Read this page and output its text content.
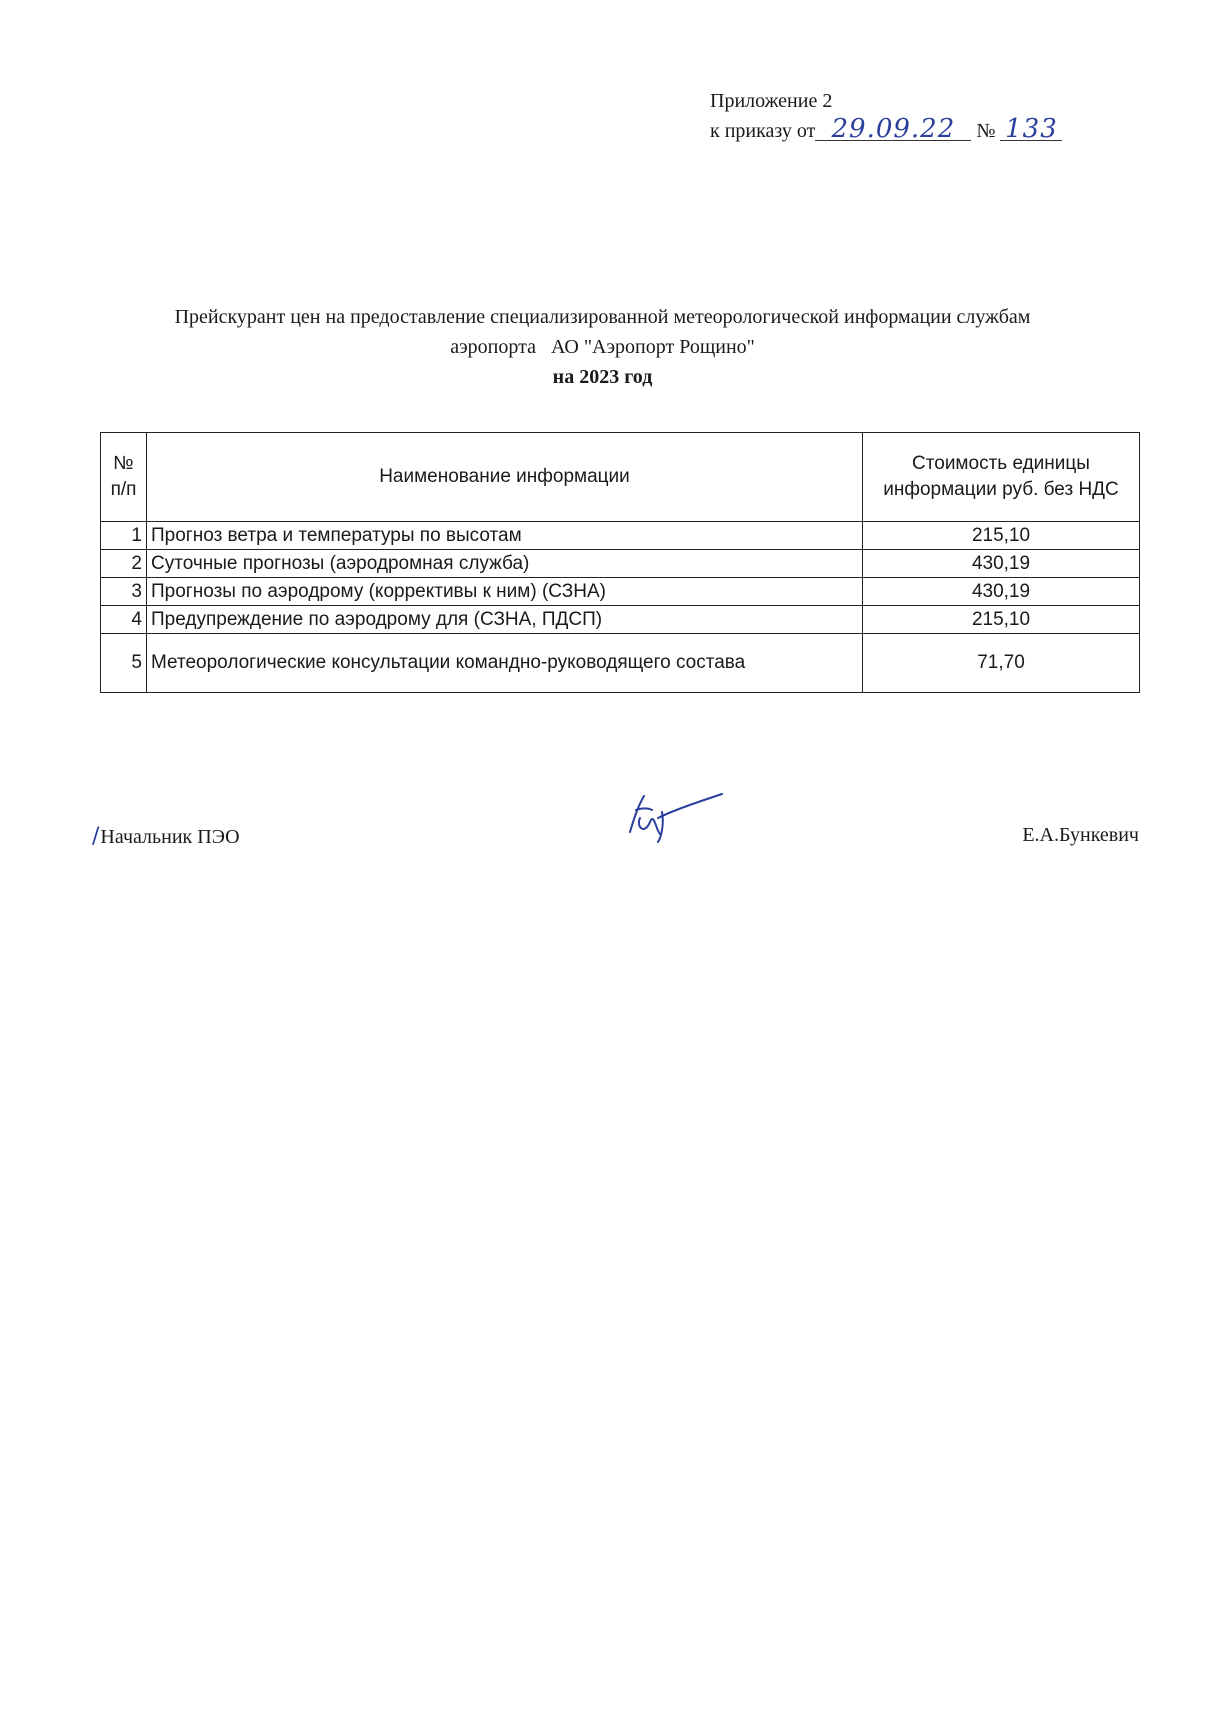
Приложение 2
к приказу от 29.09.22 № 133
Прейскурант цен на предоставление специализированной метеорологической информации службам
аэропорта   АО "Аэропорт Рощино"
на 2023 год
№ п/п	Наименование информации	Стоимость единицы информации руб. без НДС
1	Прогноз ветра и температуры по высотам	215,10
2	Суточные прогнозы (аэродромная служба)	430,19
3	Прогнозы по аэродрому (коррективы к ним) (СЗНА)	430,19
4	Предупреждение по аэродрому для (СЗНА, ПДСП)	215,10
5	Метеорологические консультации командно-руководящего состава	71,70
/Начальник ПЭО	Е.А.Бункевич
